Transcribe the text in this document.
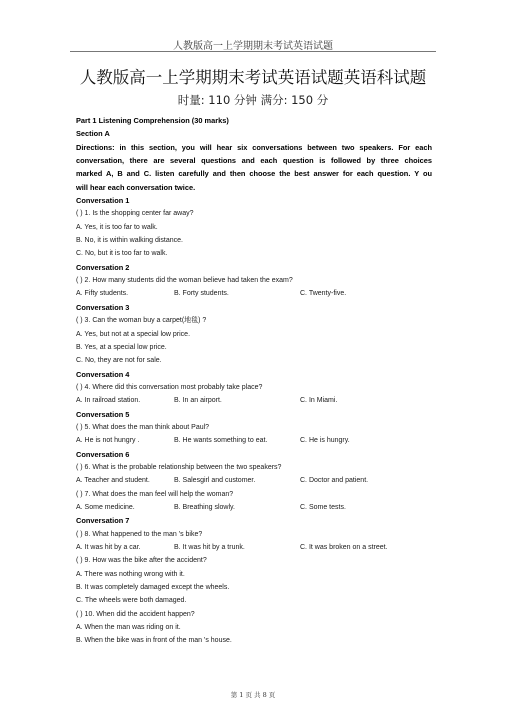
人教版高一上学期期末考试英语试题
人教版高一上学期期末考试英语试题英语科试题
时量: 110 分钟 满分: 150 分
Part 1 Listening Comprehension (30 marks)
Section A
Directions: in this section, you will hear six conversations between two speakers. For each
conversation, there are several questions and each question is followed by three choices
marked A, B and C. listen carefully and then choose the best answer for each question. Y ou
will hear each conversation twice.
Conversation 1
( ) 1. Is the shopping center far away?
A. Yes, it is too far to walk.
B. No, it is within walking distance.
C. No, but it is too far to walk.
Conversation 2
( ) 2. How many students did the woman believe had taken the exam?
A. Fifty students.	B. Forty students.	C. Twenty-five.
Conversation 3
( ) 3. Can the woman buy a carpet(地毯) ?
A. Yes, but not at a special low price.
B. Yes, at a special low price.
C. No, they are not for sale.
Conversation 4
( ) 4. Where did this conversation most probably take place?
A. In railroad station.	B. In an airport.	C. In Miami.
Conversation 5
( ) 5. What does the man think about Paul?
A. He is not hungry .	B. He wants something to eat.	C. He is hungry.
Conversation 6
( ) 6. What is the probable relationship between the two speakers?
A. Teacher and student.	B. Salesgirl and customer.	C. Doctor and patient.
( ) 7. What does the man feel will help the woman?
A. Some medicine.	B. Breathing slowly.	C. Some tests.
Conversation 7
( ) 8. What happened to the man 's bike?
A. It was hit by a car.	B. It was hit by a trunk.	C. It was broken on a street.
( ) 9. How was the bike after the accident?
A. There was nothing wrong with it.
B. It was completely damaged except the wheels.
C. The wheels were both damaged.
( ) 10. When did the accident happen?
A. When the man was riding on it.
B. When the bike was in front of the man 's house.
第 1 页 共 8 页
